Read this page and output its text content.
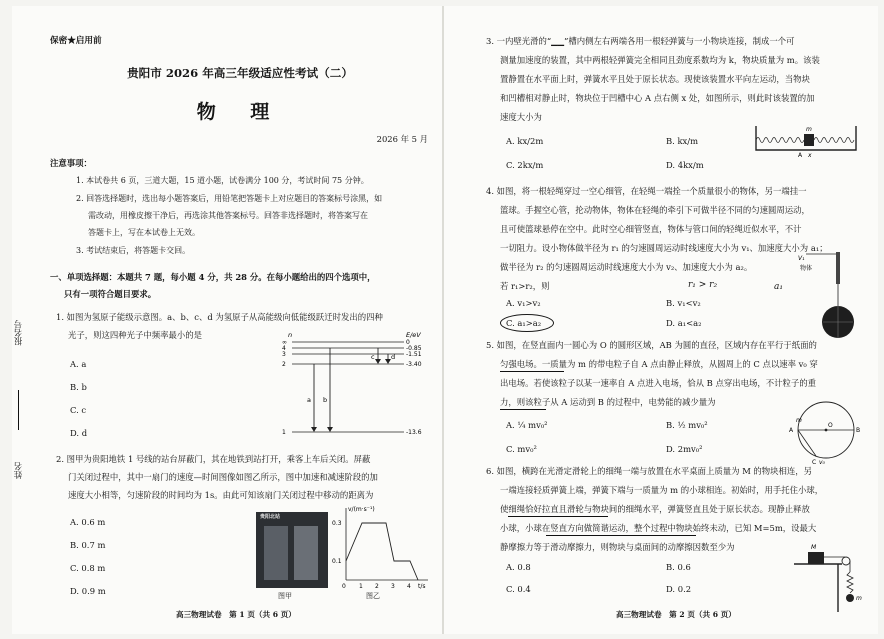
报名号
姓名
保密★启用前
贵阳市 2026 年高三年级适应性考试（二）
物 理
2026 年 5 月
注意事项：
1. 本试卷共 6 页，三道大题，15 道小题，试卷满分 100 分，考试时间 75 分钟。
2. 回答选择题时，选出每小题答案后，用铅笔把答题卡上对应题目的答案标号涂黑，如
需改动，用橡皮擦干净后，再选涂其他答案标号。回答非选择题时，将答案写在
答题卡上，写在本试卷上无效。
3. 考试结束后，将答题卡交回。
一、单项选择题：本题共 7 题，每小题 4 分，共 28 分。在每小题给出的四个选项中，
只有一项符合题目要求。
1. 如图为氢原子能级示意图。a、b、c、d 为氢原子从高能级向低能级跃迁时发出的四种
光子，则这四种光子中频率最小的是
A. a
B. b
C. c
D. d
n	E/eV
∞
4
3
2
1
0
-0.85
-1.51
-3.40
-13.6
a b
c	d
2. 图甲为贵阳地铁 1 号线的站台屏蔽门，其在地铁到站打开，乘客上车后关闭。屏蔽
门关闭过程中，其中一扇门的速度—时间图像如图乙所示，图中加速和减速阶段的加
速度大小相等，匀速阶段的时间均为 1s。由此可知该扇门关闭过程中移动的距离为
A. 0.6 m
B. 0.7 m
C. 0.8 m
D. 0.9 m
贵阳北站
图甲
v/(m·s⁻¹)
t/s
0.3
0.1
0 1 2 3 4
图乙
高三物理试卷　第 1 页（共 6 页）
3. 一内壁光滑的“▁▁”槽内侧左右两端各用一根轻弹簧与一小物块连接，制成一个可
测量加速度的装置，其中两根轻弹簧完全相同且劲度系数均为 k，物块质量为 m。该装
置静置在水平面上时，弹簧水平且处于原长状态。现使该装置水平向左运动，当物块
和凹槽相对静止时，物块位于凹槽中心 A 点右侧 x 处，如图所示，则此时该装置的加
速度大小为
A. kx/2m	B. kx/m
C. 2kx/m	D. 4kx/m
m
A x
4. 如图，将一根轻绳穿过一空心细管，在轻绳一端拴一个质量很小的物体，另一端挂一
篮球。手握空心管，抡动物体，物体在轻绳的牵引下可做半径不同的匀速圆周运动，
且可使篮球悬停在空中。此时空心细管竖直，物体与管口间的轻绳近似水平，不计
一切阻力。设小物体做半径为 r₁ 的匀速圆周运动时线速度大小为 v₁、加速度大小为 a₁；
做半径为 r₂ 的匀速圆周运动时线速度大小为 v₂、加速度大小为 a₂。
若 r₁>r₂，则
A. v₁>v₂	B. v₁<v₂
C. a₁>a₂	D. a₁<a₂
r₁ > r₂	a₁
V₁
物体
5. 如图，在竖直面内一圆心为 O 的圆形区域，AB 为圆的直径，区域内存在平行于纸面的
匀强电场。一质量为 m 的带电粒子自 A 点由静止释放，从圆周上的 C 点以速率 v₀ 穿
出电场。若使该粒子以某一速率自 A 点进入电场，恰从 B 点穿出电场，不计粒子的重
力，则该粒子从 A 运动到 B 的过程中，电势能的减少量为
A. ¼ mv₀²	B. ½ mv₀²
C. mv₀²	D. 2mv₀²
O
A	B
C
m
v₀
6. 如图，横跨在光滑定滑轮上的细绳一端与放置在水平桌面上质量为 M 的物块相连，另
一端连接轻质弹簧上端，弹簧下端与一质量为 m 的小球相连。初始时，用手托住小球，
使细绳恰好拉直且滑轮与物块间的细绳水平，弹簧竖直且处于原长状态。现静止释放
小球，小球在竖直方向做简谐运动，整个过程中物块始终未动，已知 M=5m，设最大
静摩擦力等于滑动摩擦力，则物块与桌面间的动摩擦因数至少为
A. 0.8	B. 0.6
C. 0.4	D. 0.2
M
m
高三物理试卷　第 2 页（共 6 页）
